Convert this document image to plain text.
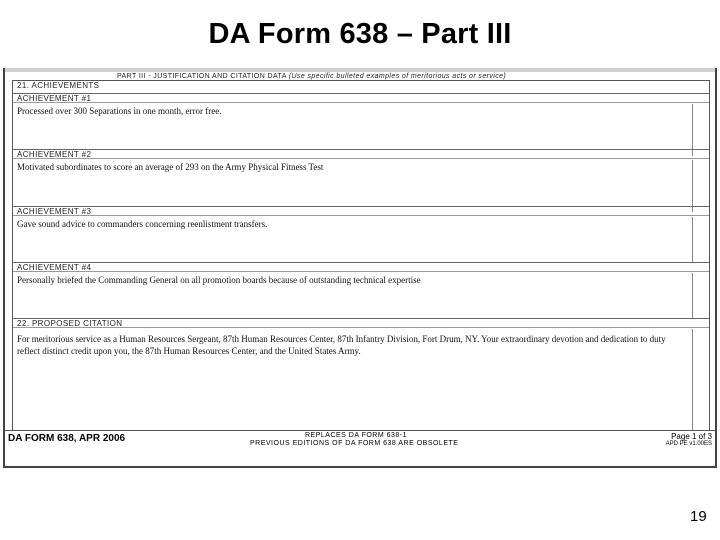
DA Form 638 – Part III
PART III - JUSTIFICATION AND CITATION DATA (Use specific bulleted examples of meritorious acts or service)
21. ACHIEVEMENTS
ACHIEVEMENT #1
Processed over 300 Separations in one month, error free.
ACHIEVEMENT #2
Motivated subordinates to score an average of 293 on the Army Physical Fitness Test
ACHIEVEMENT #3
Gave sound advice to commanders concerning reenlistment transfers.
ACHIEVEMENT #4
Personally briefed the Commanding General on all promotion boards because of outstanding technical expertise
22. PROPOSED CITATION
For meritorious service as a Human Resources Sergeant, 87th Human Resources Center, 87th Infantry Division, Fort Drum, NY. Your extraordinary devotion and dedication to duty reflect distinct credit upon you, the 87th Human Resources Center, and the United States Army.
DA FORM 638, APR 2006	REPLACES DA FORM 638-1
PREVIOUS EDITIONS OF DA FORM 638 ARE OBSOLETE
Page 1 of 3
APD PE v1.00ES
19
